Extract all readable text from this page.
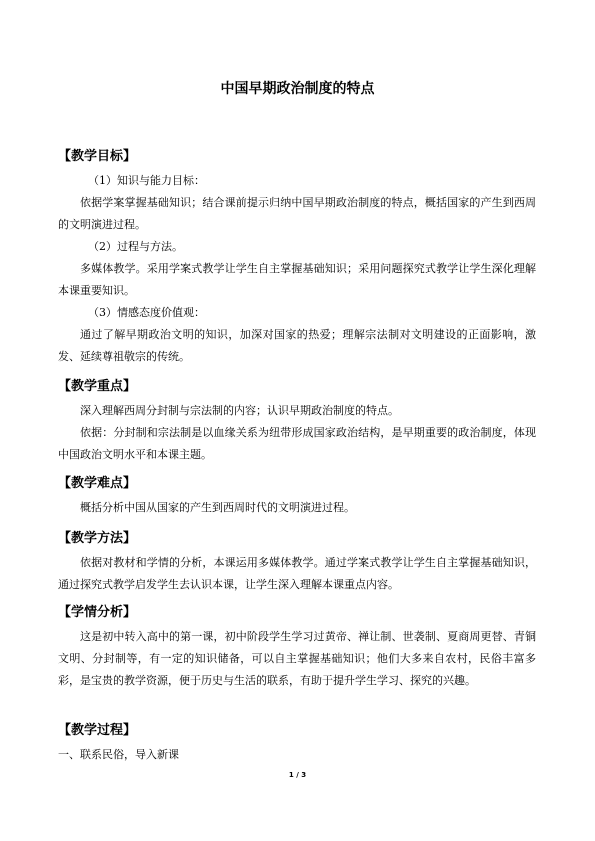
中国早期政治制度的特点
【教学目标】

（1）知识与能力目标：

依据学案掌握基础知识；结合课前提示归纳中国早期政治制度的特点，概括国家的产生到西周的文明演进过程。

（2）过程与方法。

多媒体教学。采用学案式教学让学生自主掌握基础知识；采用问题探究式教学让学生深化理解本课重要知识。

（3）情感态度价值观：

通过了解早期政治文明的知识，加深对国家的热爱；理解宗法制对文明建设的正面影响，激发、延续尊祖敬宗的传统。

【教学重点】

深入理解西周分封制与宗法制的内容；认识早期政治制度的特点。

依据：分封制和宗法制是以血缘关系为纽带形成国家政治结构，是早期重要的政治制度，体现中国政治文明水平和本课主题。

【教学难点】

概括分析中国从国家的产生到西周时代的文明演进过程。

【教学方法】

依据对教材和学情的分析，本课运用多媒体教学。通过学案式教学让学生自主掌握基础知识，通过探究式教学启发学生去认识本课，让学生深入理解本课重点内容。

【学情分析】

这是初中转入高中的第一课，初中阶段学生学习过黄帝、禅让制、世袭制、夏商周更替、青铜文明、分封制等，有一定的知识储备，可以自主掌握基础知识；他们大多来自农村，民俗丰富多彩，是宝贵的教学资源，便于历史与生活的联系，有助于提升学生学习、探究的兴趣。

【教学过程】

一、联系民俗，导入新课

1 / 3
